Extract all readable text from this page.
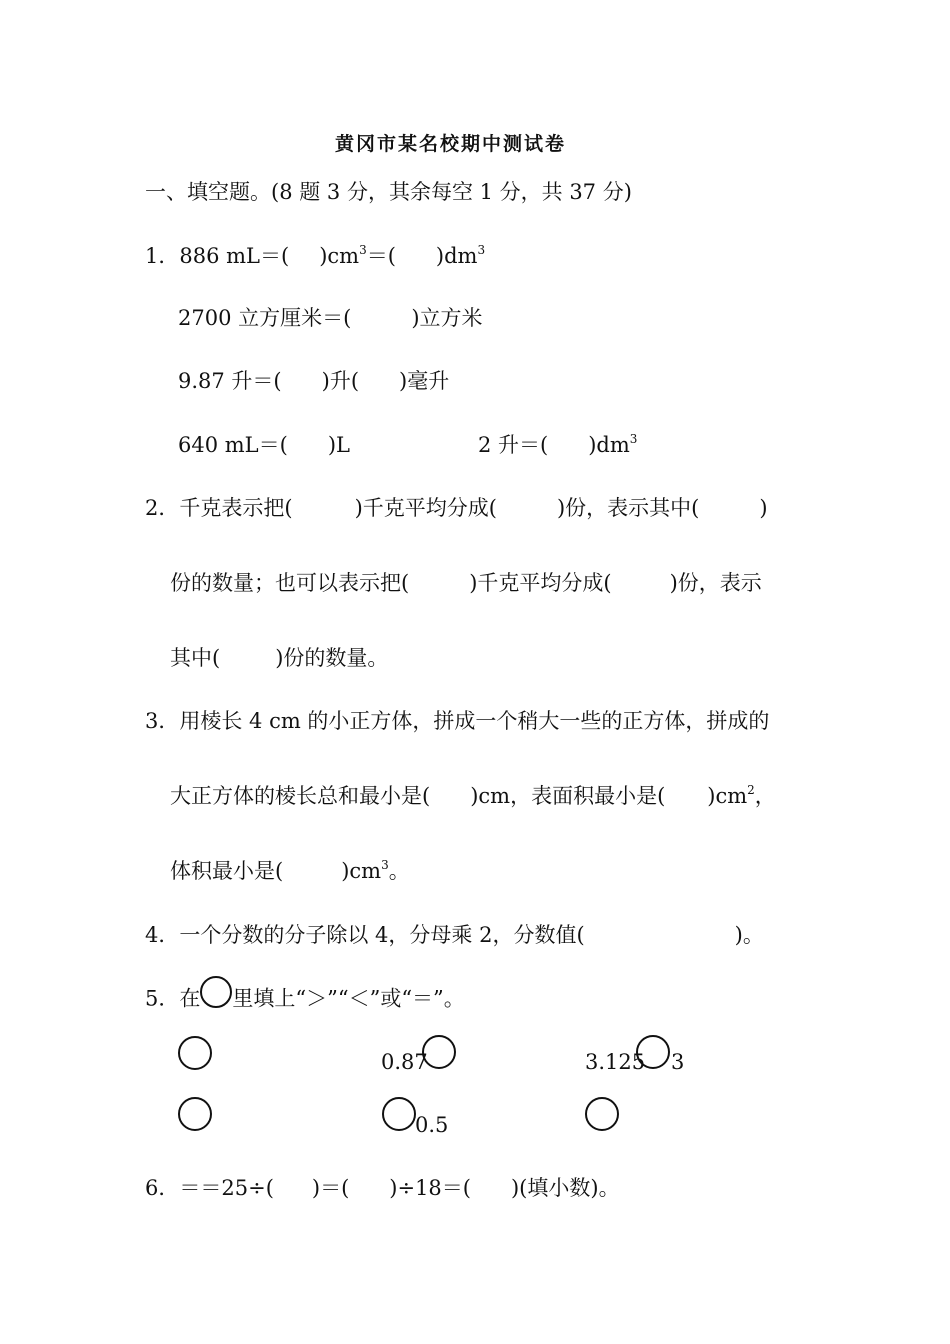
黄冈市某名校期中测试卷
一、填空题。(8 题 3 分，其余每空 1 分，共 37 分)
1．886 mL＝( )$cm^3=$( )$dm^3$
2700 立方厘米＝(	)立方米
9.87 升＝( )升( )毫升
640 mL＝( )L	2 升＝( )$dm^3$
2．千克表示把(	)千克平均分成(	)份，表示其中(	)
份的数量；也可以表示把(	)千克平均分成(	)份，表示
其中(	)份的数量。
3．用棱长 4 cm 的小正方体，拼成一个稍大一些的正方体，拼成的
大正方体的棱长总和最小是( )cm，表面积最小是( )$cm^2$，
体积最小是(	)$cm^3$。
4．一个分数的分子除以 4，分母乘 2，分数值(	)。
5．在 里填上“＞”“＜”或“＝”。
0.87	3.125 3
0.5
6．＝＝25÷( )＝( )÷18＝( )(填小数)。
